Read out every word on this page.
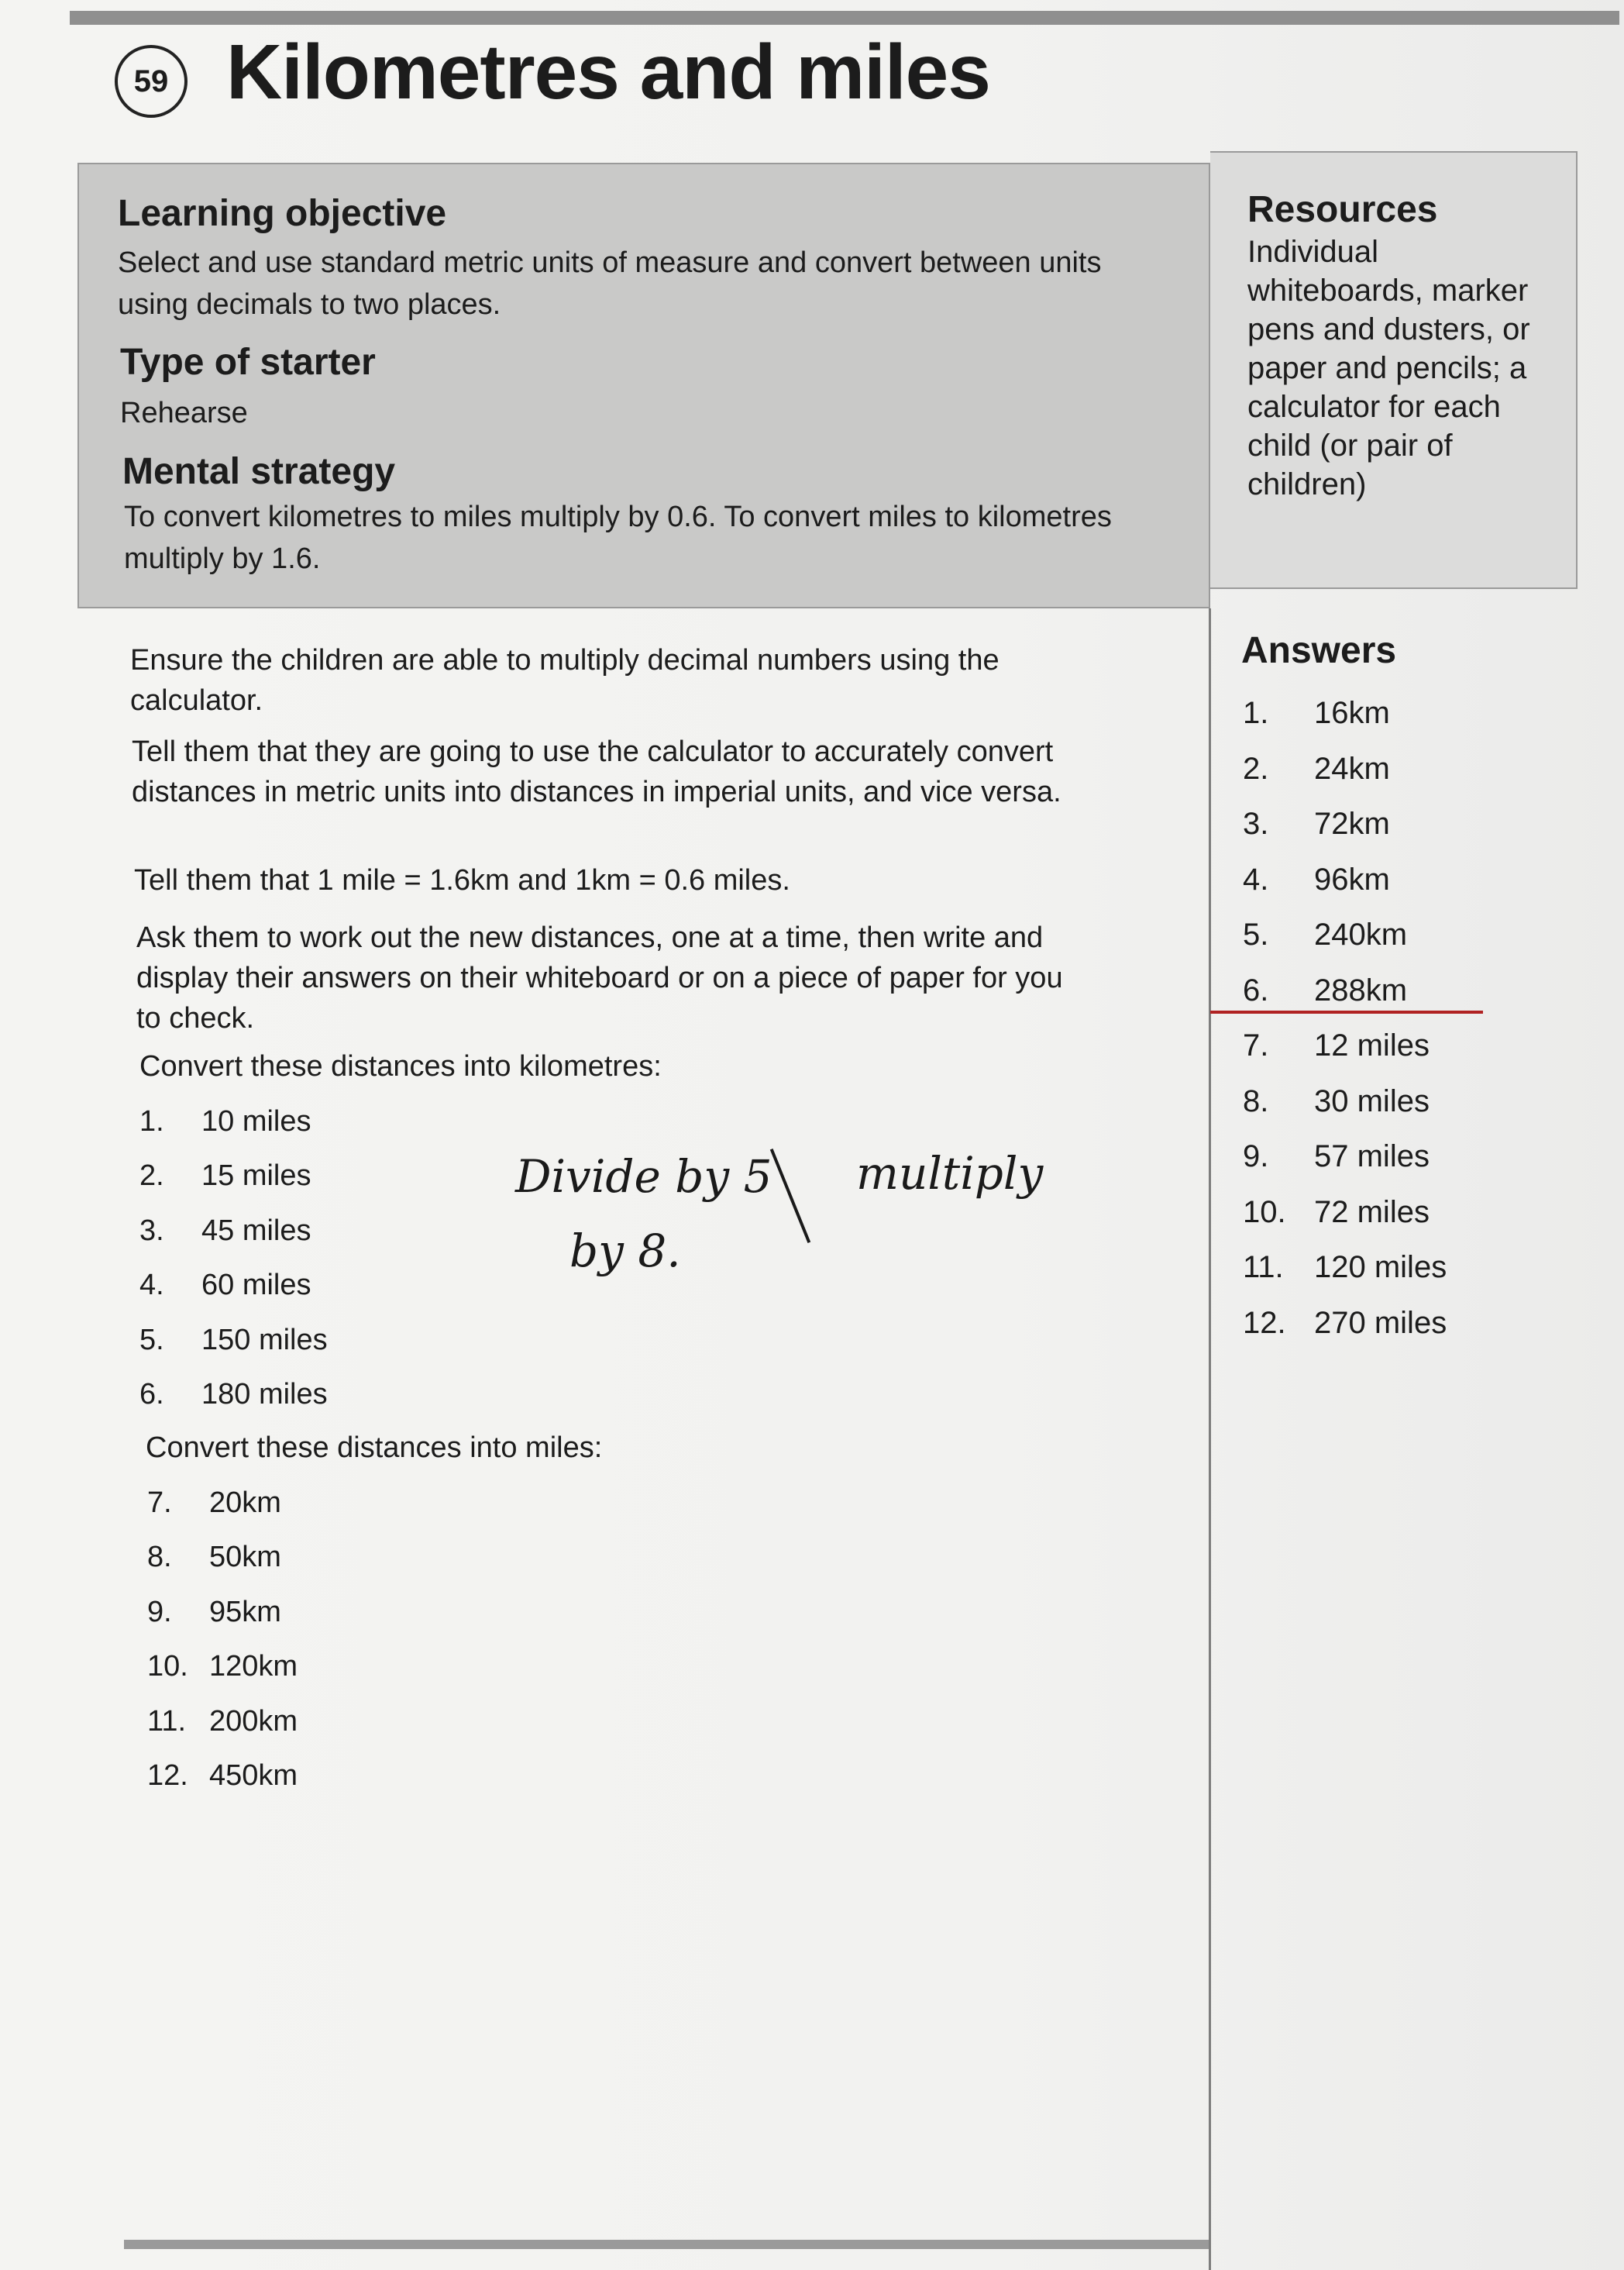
59 Kilometres and miles
Learning objective
Select and use standard metric units of measure and convert between units using decimals to two places.
Type of starter
Rehearse
Mental strategy
To convert kilometres to miles multiply by 0.6. To convert miles to kilometres multiply by 1.6.
Resources
Individual whiteboards, marker pens and dusters, or paper and pencils; a calculator for each child (or pair of children)
Ensure the children are able to multiply decimal numbers using the calculator.
Tell them that they are going to use the calculator to accurately convert distances in metric units into distances in imperial units, and vice versa.
Tell them that 1 mile = 1.6km and 1km = 0.6 miles.
Ask them to work out the new distances, one at a time, then write and display their answers on their whiteboard or on a piece of paper for you to check.
Convert these distances into kilometres:
1.	10 miles
2.	15 miles
3.	45 miles
4.	60 miles
5.	150 miles
6.	180 miles
Convert these distances into miles:
7.	20km
8.	50km
9.	95km
10. 120km
11. 200km
12. 450km
Divide by 5 multiply
by 8.
Answers
1.	16km
2.	24km
3.	72km
4.	96km
5.	240km
6.	288km
7.	12 miles
8.	30 miles
9.	57 miles
10. 72 miles
11. 120 miles
12. 270 miles
